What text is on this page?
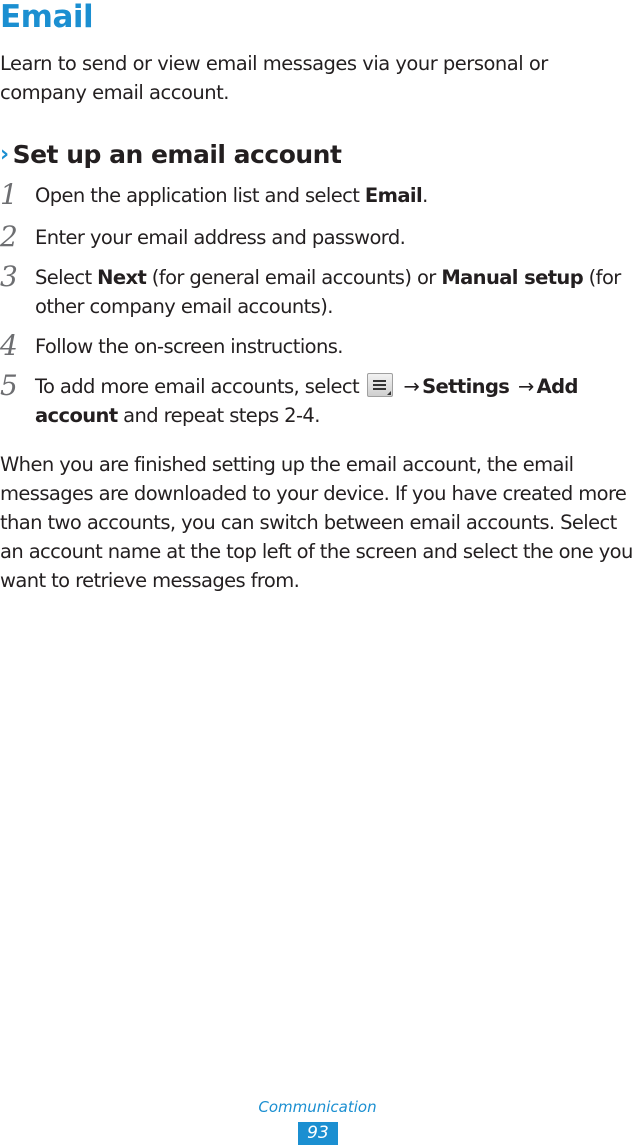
Email

Learn to send or view email messages via your personal or company email account.

› Set up an email account
1 Open the application list and select Email.
2 Enter your email address and password.
3 Select Next (for general email accounts) or Manual setup (for other company email accounts).
4 Follow the on-screen instructions.
5 To add more email accounts, select
→ Settings → Add account and repeat steps 2-4.

When you are finished setting up the email account, the email messages are downloaded to your device. If you have created more than two accounts, you can switch between email accounts. Select an account name at the top left of the screen and select the one you want to retrieve messages from.

Communication
93
